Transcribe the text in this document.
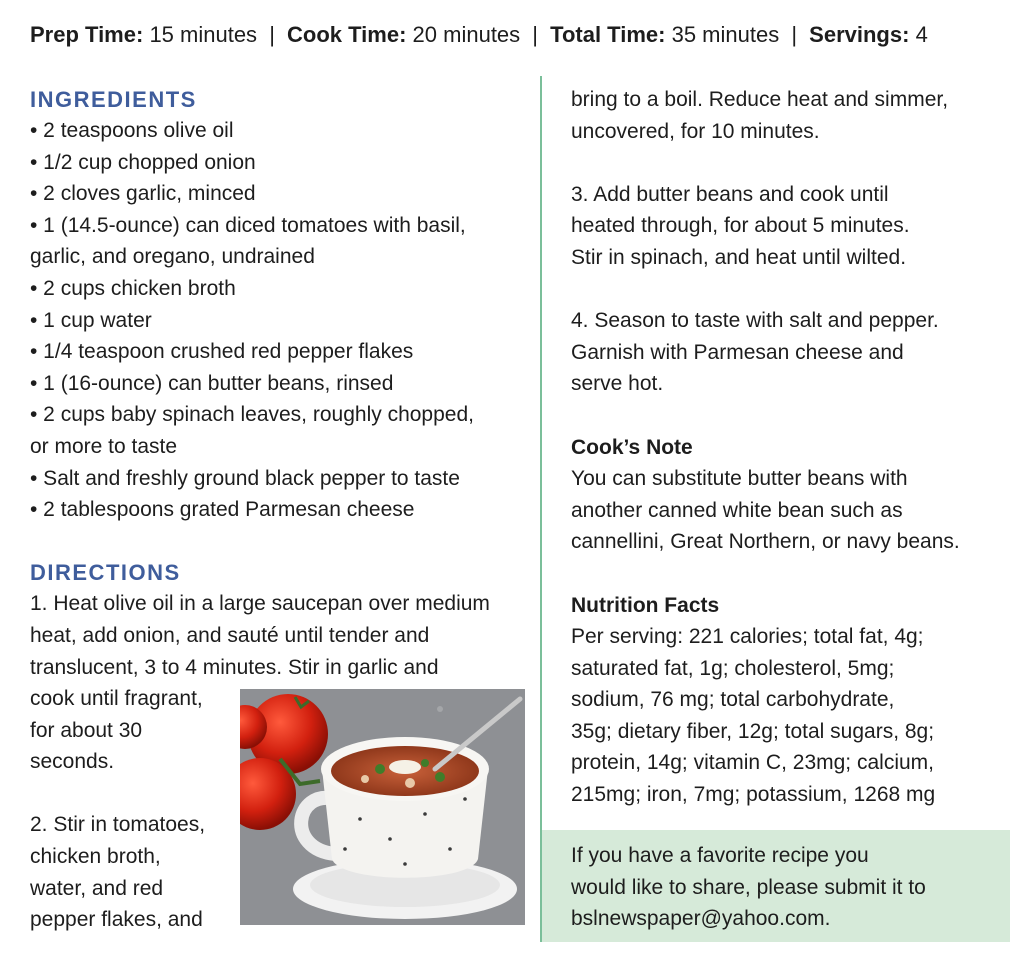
Prep Time: 15 minutes | Cook Time: 20 minutes | Total Time: 35 minutes | Servings: 4
INGREDIENTS
• 2 teaspoons olive oil
• 1/2 cup chopped onion
• 2 cloves garlic, minced
• 1 (14.5-ounce) can diced tomatoes with basil,
garlic, and oregano, undrained
• 2 cups chicken broth
• 1 cup water
• 1/4 teaspoon crushed red pepper flakes
• 1 (16-ounce) can butter beans, rinsed
• 2 cups baby spinach leaves, roughly chopped,
or more to taste
• Salt and freshly ground black pepper to taste
• 2 tablespoons grated Parmesan cheese
DIRECTIONS
1. Heat olive oil in a large saucepan over medium
heat, add onion, and sauté until tender and
translucent, 3 to 4 minutes. Stir in garlic and
cook until fragrant,
for about 30
seconds.
2. Stir in tomatoes,
chicken broth,
water, and red
pepper flakes, and
bring to a boil. Reduce heat and simmer,
uncovered, for 10 minutes.
3. Add butter beans and cook until
heated through, for about 5 minutes.
Stir in spinach, and heat until wilted.
4. Season to taste with salt and pepper.
Garnish with Parmesan cheese and
serve hot.
Cook’s Note
You can substitute butter beans with
another canned white bean such as
cannellini, Great Northern, or navy beans.
Nutrition Facts
Per serving: 221 calories; total fat, 4g;
saturated fat, 1g; cholesterol, 5mg;
sodium, 76 mg; total carbohydrate,
35g; dietary fiber, 12g; total sugars, 8g;
protein, 14g; vitamin C, 23mg; calcium,
215mg; iron, 7mg; potassium, 1268 mg
If you have a favorite recipe you
would like to share, please submit it to
bslnewspaper@yahoo.com.
